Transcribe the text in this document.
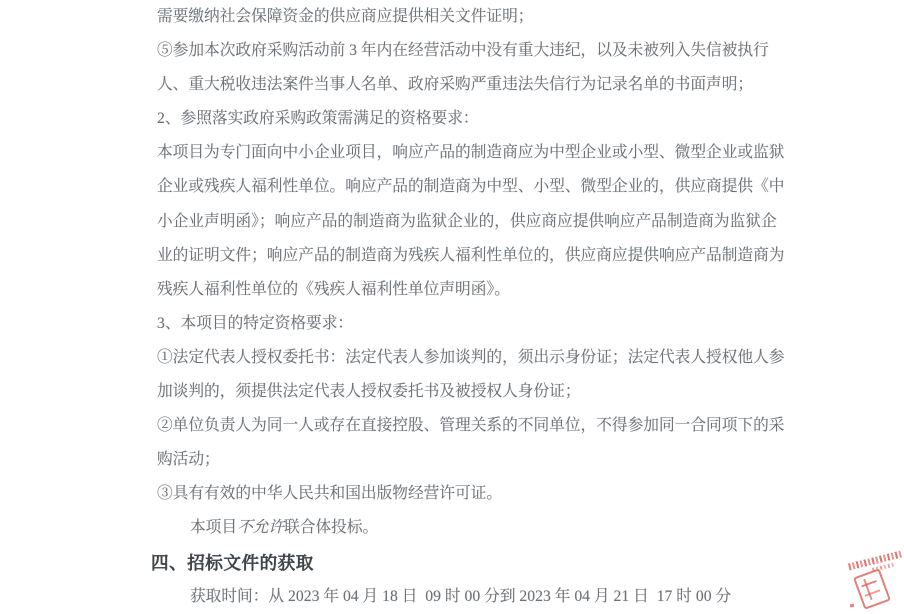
需要缴纳社会保障资金的供应商应提供相关文件证明；
⑤参加本次政府采购活动前 3 年内在经营活动中没有重大违纪，以及未被列入失信被执行
人、重大税收违法案件当事人名单、政府采购严重违法失信行为记录名单的书面声明；
2、参照落实政府采购政策需满足的资格要求：
本项目为专门面向中小企业项目，响应产品的制造商应为中型企业或小型、微型企业或监狱
企业或残疾人福利性单位。响应产品的制造商为中型、小型、微型企业的，供应商提供《中
小企业声明函》；响应产品的制造商为监狱企业的，供应商应提供响应产品制造商为监狱企
业的证明文件；响应产品的制造商为残疾人福利性单位的，供应商应提供响应产品制造商为
残疾人福利性单位的《残疾人福利性单位声明函》。
3、本项目的特定资格要求：
①法定代表人授权委托书：法定代表人参加谈判的，须出示身份证；法定代表人授权他人参
加谈判的，须提供法定代表人授权委托书及被授权人身份证；
②单位负责人为同一人或存在直接控股、管理关系的不同单位，不得参加同一合同项下的采
购活动；
③具有有效的中华人民共和国出版物经营许可证。
本项目不允许联合体投标。
四、招标文件的获取
获取时间：从 2023 年 04 月 18 日  09 时 00 分到 2023 年 04 月 21 日  17 时 00 分
